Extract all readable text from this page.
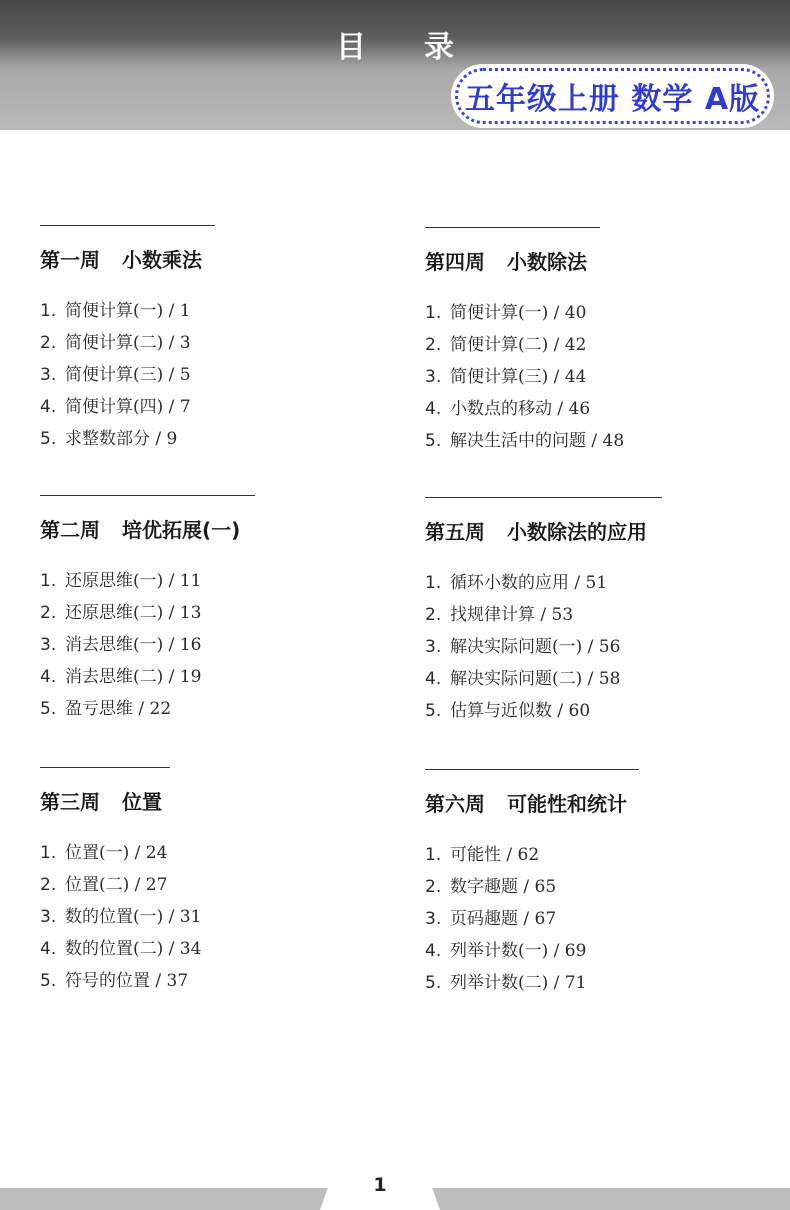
目录
五年级上册 数学 A版
第一周 小数乘法
1. 简便计算(一) / 1
2. 简便计算(二) / 3
3. 简便计算(三) / 5
4. 简便计算(四) / 7
5. 求整数部分 / 9
第二周 培优拓展(一)
1. 还原思维(一) / 11
2. 还原思维(二) / 13
3. 消去思维(一) / 16
4. 消去思维(二) / 19
5. 盈亏思维 / 22
第三周 位置
1. 位置(一) / 24
2. 位置(二) / 27
3. 数的位置(一) / 31
4. 数的位置(二) / 34
5. 符号的位置 / 37
第四周 小数除法
1. 简便计算(一) / 40
2. 简便计算(二) / 42
3. 简便计算(三) / 44
4. 小数点的移动 / 46
5. 解决生活中的问题 / 48
第五周 小数除法的应用
1. 循环小数的应用 / 51
2. 找规律计算 / 53
3. 解决实际问题(一) / 56
4. 解决实际问题(二) / 58
5. 估算与近似数 / 60
第六周 可能性和统计
1. 可能性 / 62
2. 数字趣题 / 65
3. 页码趣题 / 67
4. 列举计数(一) / 69
5. 列举计数(二) / 71
1
